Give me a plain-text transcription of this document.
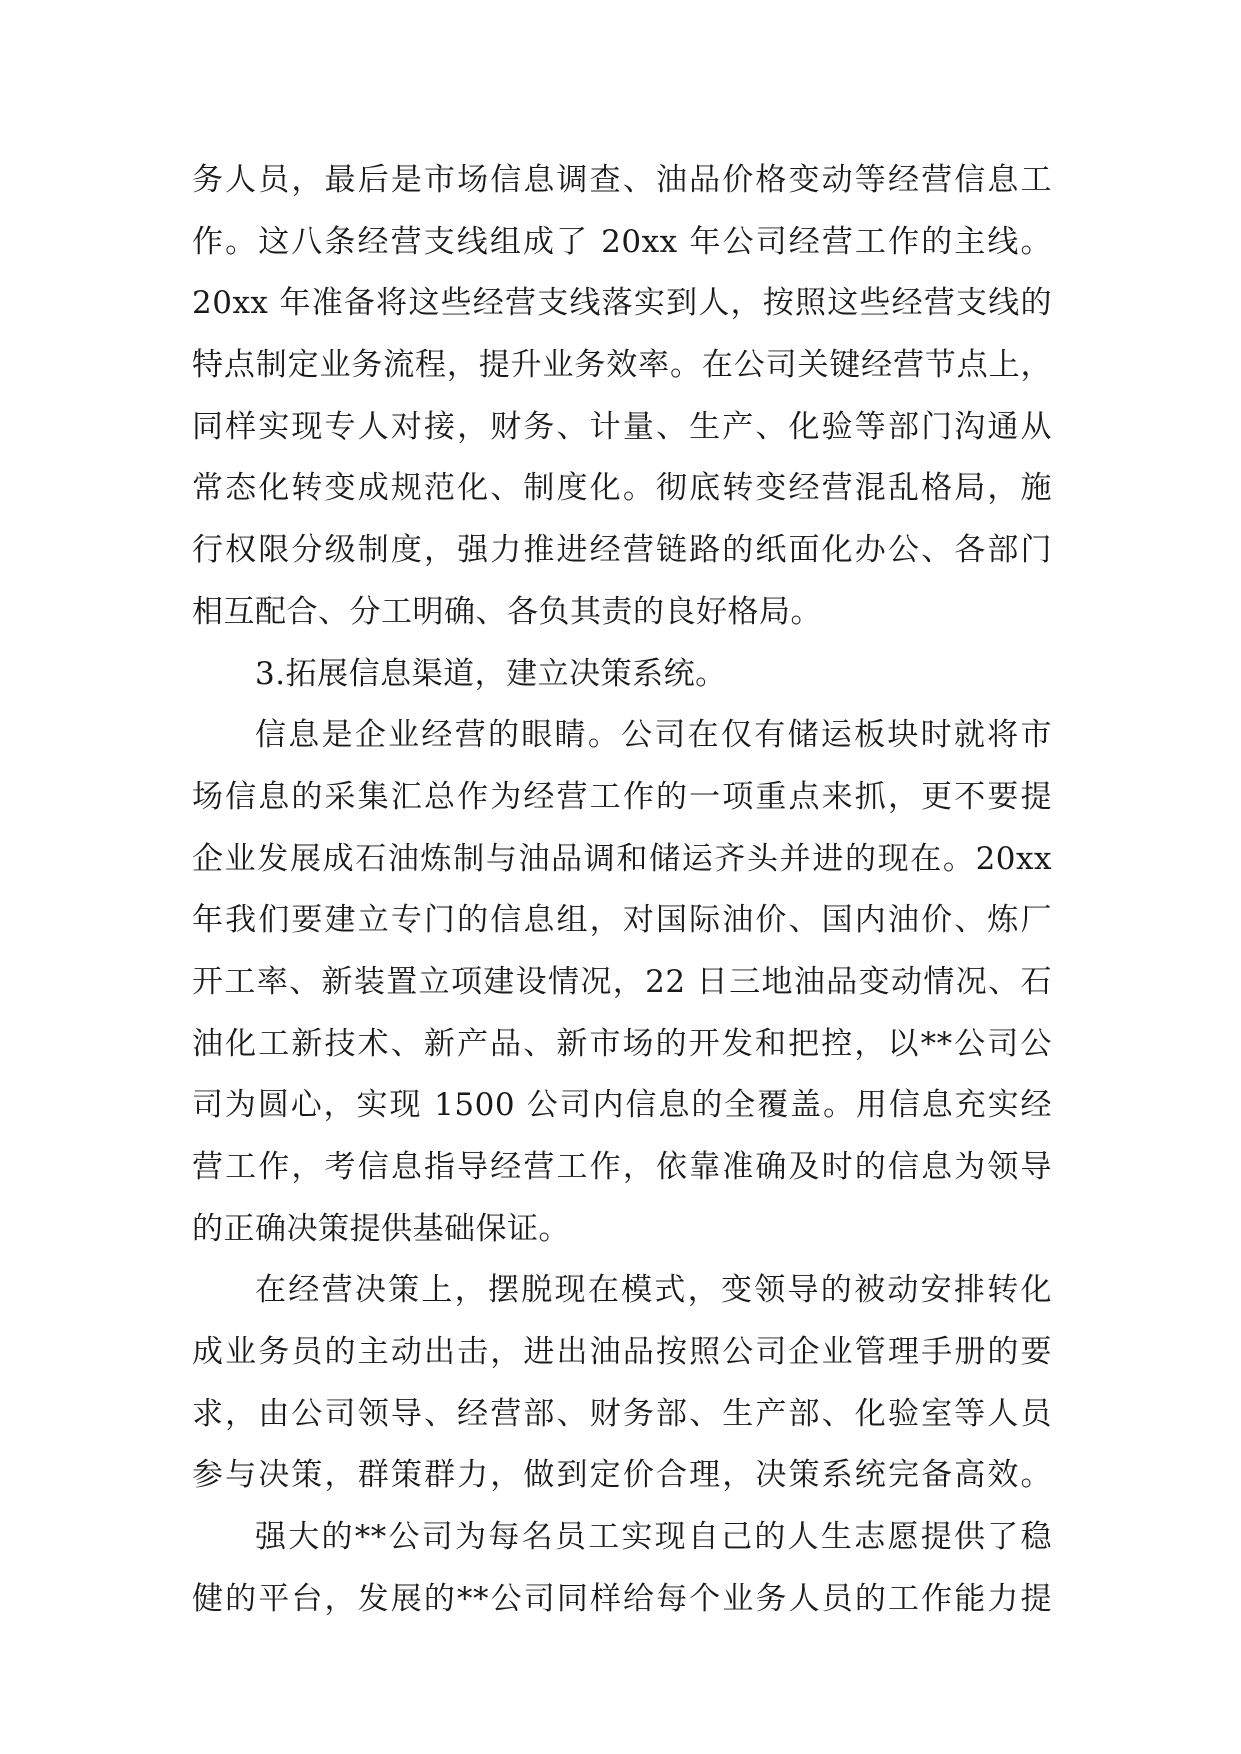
务人员，最后是市场信息调查、油品价格变动等经营信息工
作。这八条经营支线组成了 20xx 年公司经营工作的主线。
20xx 年准备将这些经营支线落实到人，按照这些经营支线的
特点制定业务流程，提升业务效率。在公司关键经营节点上，
同样实现专人对接，财务、计量、生产、化验等部门沟通从
常态化转变成规范化、制度化。彻底转变经营混乱格局，施
行权限分级制度，强力推进经营链路的纸面化办公、各部门
相互配合、分工明确、各负其责的良好格局。
3.拓展信息渠道，建立决策系统。
信息是企业经营的眼睛。公司在仅有储运板块时就将市
场信息的采集汇总作为经营工作的一项重点来抓，更不要提
企业发展成石油炼制与油品调和储运齐头并进的现在。20xx
年我们要建立专门的信息组，对国际油价、国内油价、炼厂
开工率、新装置立项建设情况，22 日三地油品变动情况、石
油化工新技术、新产品、新市场的开发和把控，以**公司公
司为圆心，实现 1500 公司内信息的全覆盖。用信息充实经
营工作，考信息指导经营工作，依靠准确及时的信息为领导
的正确决策提供基础保证。
在经营决策上，摆脱现在模式，变领导的被动安排转化
成业务员的主动出击，进出油品按照公司企业管理手册的要
求，由公司领导、经营部、财务部、生产部、化验室等人员
参与决策，群策群力，做到定价合理，决策系统完备高效。
强大的**公司为每名员工实现自己的人生志愿提供了稳
健的平台，发展的**公司同样给每个业务人员的工作能力提
